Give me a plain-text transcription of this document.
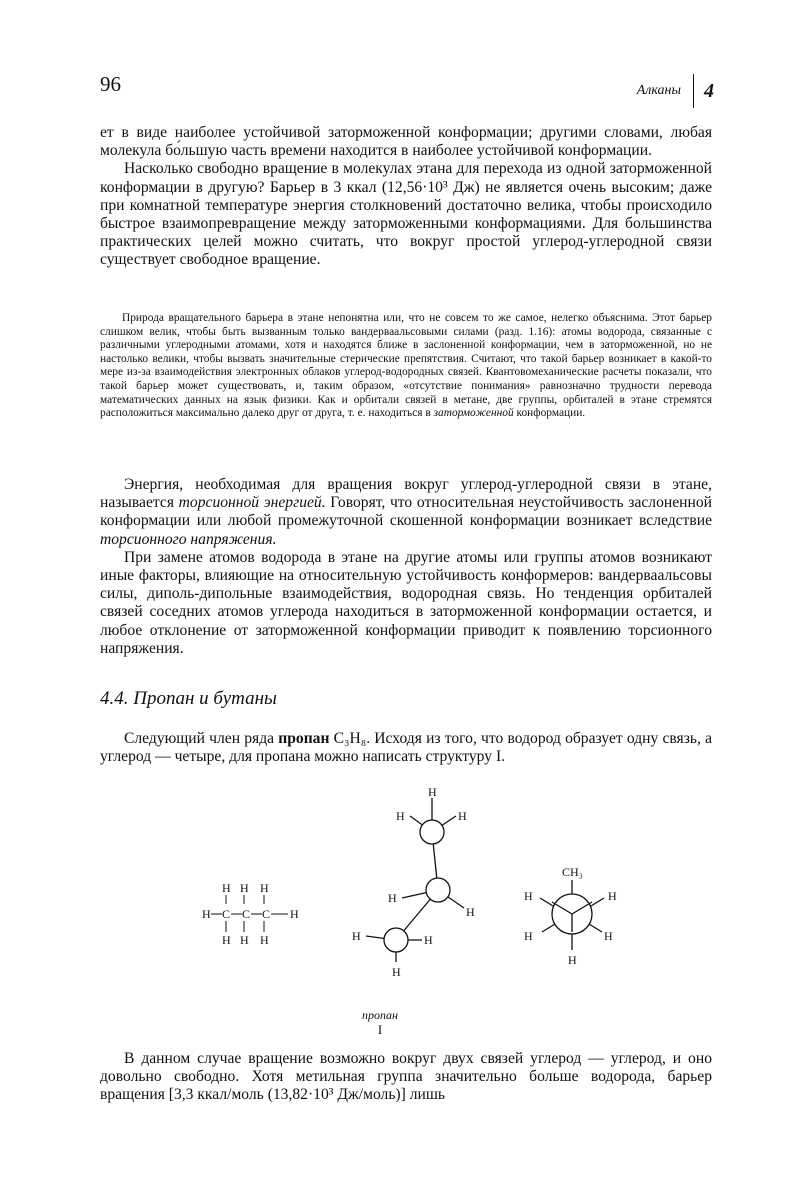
96	Алканы 4

ет в виде наиболее устойчивой заторможенной конформации; другими словами, любая молекула бо́льшую часть времени находится в наиболее устойчивой конформации.

Насколько свободно вращение в молекулах этана для перехода из одной заторможенной конформации в другую? Барьер в 3 ккал (12,56·10³ Дж) не является очень высоким; даже при комнатной температуре энергия столкновений достаточно велика, чтобы происходило быстрое взаимопревращение между заторможенными конформациями. Для большинства практических целей можно считать, что вокруг простой углерод-углеродной связи существует свободное вращение.

Природа вращательного барьера в этане непонятна или, что не совсем то же самое, нелегко объяснима. Этот барьер слишком велик, чтобы быть вызванным только вандерваальсовыми силами (разд. 1.16): атомы водорода, связанные с различными углеродными атомами, хотя и находятся ближе в заслоненной конформации, чем в заторможенной, но не настолько велики, чтобы вызвать значительные стерические препятствия. Считают, что такой барьер возникает в какой-то мере из-за взаимодействия электронных облаков углерод-водородных связей. Квантовомеханические расчеты показали, что такой барьер может существовать, и, таким образом, «отсутствие понимания» равнозначно трудности перевода математических данных на язык физики. Как и орбитали связей в метане, две группы, орбиталей в этане стремятся расположиться максимально далеко друг от друга, т. е. находиться в заторможенной конформации.

Энергия, необходимая для вращения вокруг углерод-углеродной связи в этане, называется торсионной энергией. Говорят, что относительная неустойчивость заслоненной конформации или любой промежуточной скошенной конформации возникает вследствие торсионного напряжения.

При замене атомов водорода в этане на другие атомы или группы атомов возникают иные факторы, влияющие на относительную устойчивость конформеров: вандерваальсовы силы, диполь-дипольные взаимодействия, водородная связь. Но тенденция орбиталей связей соседних атомов углерода находиться в заторможенной конформации остается, и любое отклонение от заторможенной конформации приводит к появлению торсионного напряжения.

4.4. Пропан и бутаны

Следующий член ряда пропан C₃H₈. Исходя из того, что водород образует одну связь, а углерод — четыре, для пропана можно написать структуру I.

H H H
H C C C H
H H H
H
H	H
H
H
H	H
H
CH₃
H	H
H	H
H
пропан
I

В данном случае вращение возможно вокруг двух связей углерод — углерод, и оно довольно свободно. Хотя метильная группа значительно больше водорода, барьер вращения [3,3 ккал/моль (13,82·10³ Дж/моль)] лишь
